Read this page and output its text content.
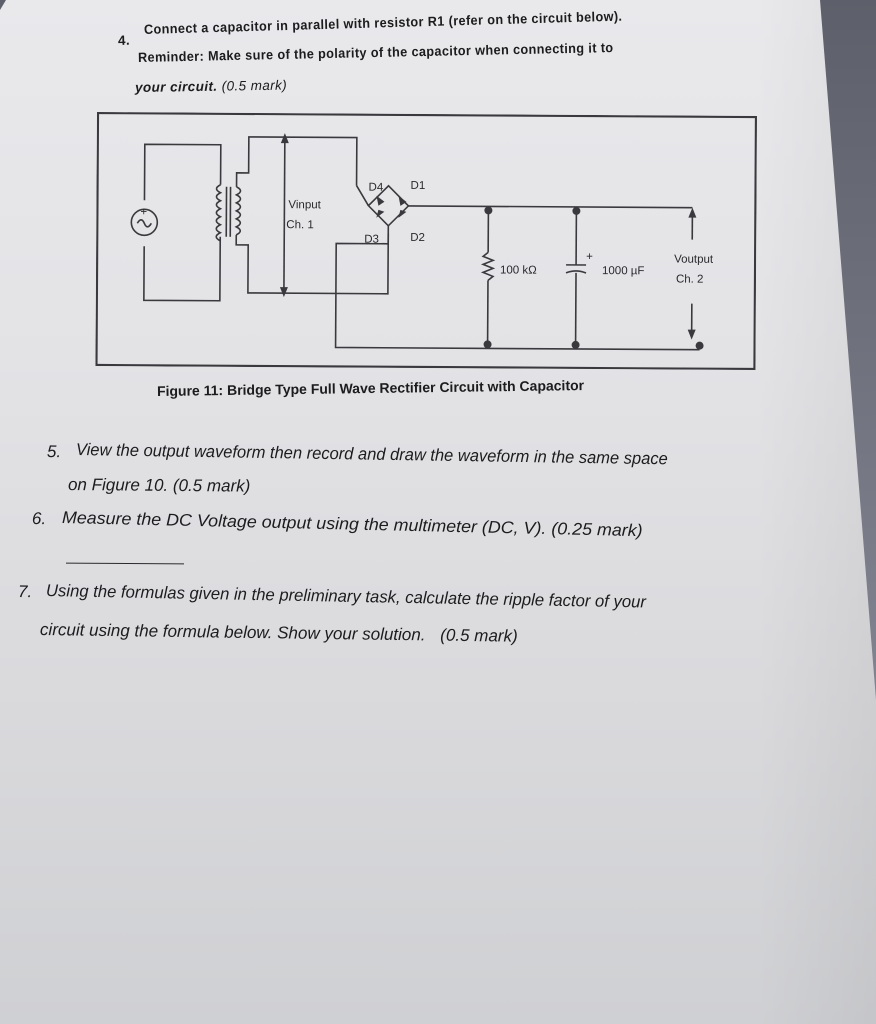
4.
Connect a capacitor in parallel with resistor R1 (refer on the circuit below).
Reminder: Make sure of the polarity of the capacitor when connecting it to
your circuit. (0.5 mark)
D4 D1
D3	D2
Vinput
Ch. 1
+
100 kΩ
+
1000 µF
Voutput
Ch. 2
Figure 11: Bridge Type Full Wave Rectifier Circuit with Capacitor
5. View the output waveform then record and draw the waveform in the same space
on Figure 10. (0.5 mark)
6. Measure the DC Voltage output using the multimeter (DC, V). (0.25 mark)
7. Using the formulas given in the preliminary task, calculate the ripple factor of your
circuit using the formula below. Show your solution. (0.5 mark)
